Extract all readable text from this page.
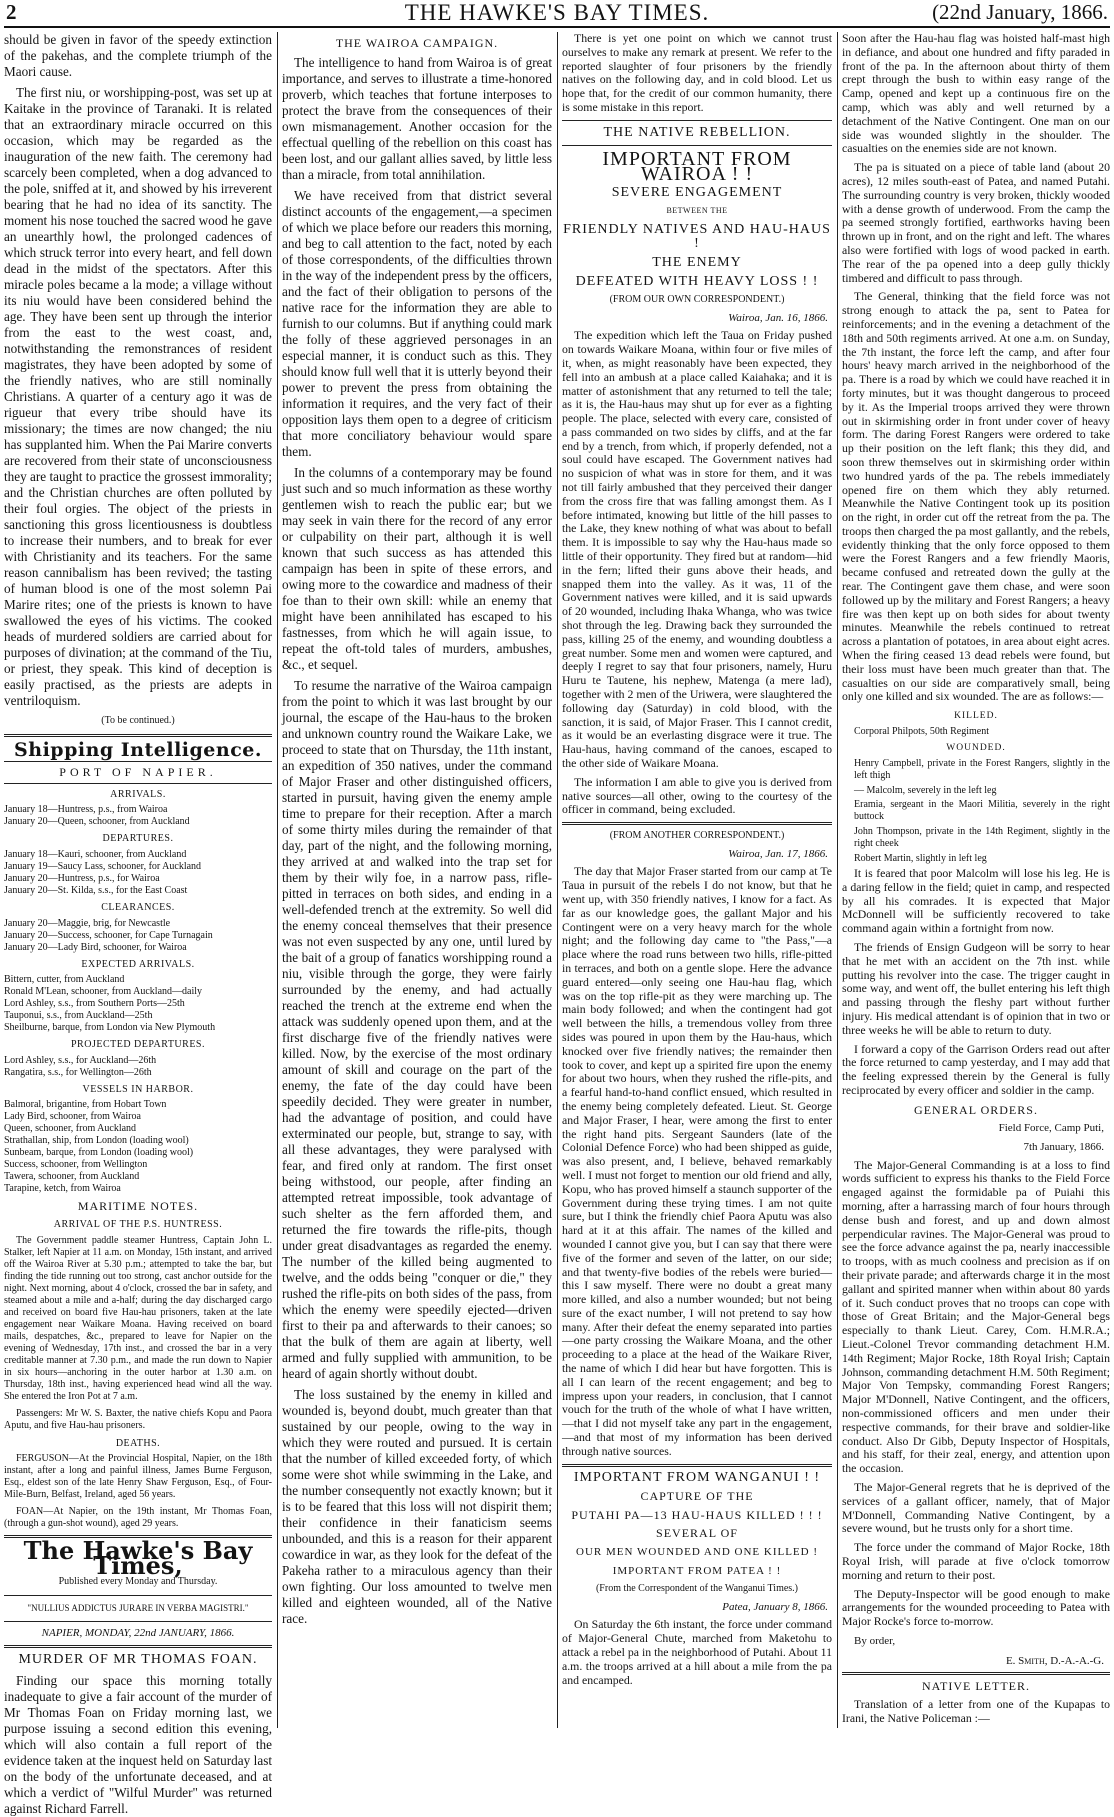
2	THE HAWKE'S BAY TIMES.	(22nd January, 1866.

should be given in favor of the speedy extinction of the pakehas, and the complete triumph of the Maori cause.

The first niu, or worshipping-post, was set up at Kaitake in the province of Taranaki. It is related that an extraordinary miracle occurred on this occasion, which may be regarded as the inauguration of the new faith. The ceremony had scarcely been completed, when a dog advanced to the pole, sniffed at it, and showed by his irreverent bearing that he had no idea of its sanctity. The moment his nose touched the sacred wood he gave an unearthly howl, the prolonged cadences of which struck terror into every heart, and fell down dead in the midst of the spectators. After this miracle poles became a la mode; a village without its niu would have been considered behind the age. They have been sent up through the interior from the east to the west coast, and, notwithstanding the remonstrances of resident magistrates, they have been adopted by some of the friendly natives, who are still nominally Christians. A quarter of a century ago it was de rigueur that every tribe should have its missionary; the times are now changed; the niu has supplanted him. When the Pai Marire converts are recovered from their state of unconsciousness they are taught to practice the grossest immorality; and the Christian churches are often polluted by their foul orgies. The object of the priests in sanctioning this gross licentiousness is doubtless to increase their numbers, and to break for ever with Christianity and its teachers. For the same reason cannibalism has been revived; the tasting of human blood is one of the most solemn Pai Marire rites; one of the priests is known to have swallowed the eyes of his victims. The cooked heads of murdered soldiers are carried about for purposes of divination; at the command of the Tiu, or priest, they speak. This kind of deception is easily practised, as the priests are adepts in ventriloquism.

(To be continued.)

Shipping Intelligence.
PORT OF NAPIER.
ARRIVALS.
January 18—Huntress, p.s., from Wairoa
January 20—Queen, schooner, from Auckland
DEPARTURES.
January 18—Kauri, schooner, from Auckland
January 19—Saucy Lass, schooner, for Auckland
January 20—Huntress, p.s., for Wairoa
January 20—St. Kilda, s.s., for the East Coast
CLEARANCES.
January 20—Maggie, brig, for Newcastle
January 20—Success, schooner, for Cape Turnagain
January 20—Lady Bird, schooner, for Wairoa
EXPECTED ARRIVALS.
Bittern, cutter, from Auckland
Ronald M'Lean, schooner, from Auckland—daily
Lord Ashley, s.s., from Southern Ports—25th
Tauponui, s.s., from Auckland—25th
Sheilburne, barque, from London via New Plymouth
PROJECTED DEPARTURES.
Lord Ashley, s.s., for Auckland—26th
Rangatira, s.s., for Wellington—26th
VESSELS IN HARBOR.
Balmoral, brigantine, from Hobart Town
Lady Bird, schooner, from Wairoa
Queen, schooner, from Auckland
Strathallan, ship, from London (loading wool)
Sunbeam, barque, from London (loading wool)
Success, schooner, from Wellington
Tawera, schooner, from Auckland
Tarapine, ketch, from Wairoa
MARITIME NOTES.
ARRIVAL OF THE P.S. HUNTRESS.

The Government paddle steamer Huntress, Captain John L. Stalker, left Napier at 11 a.m. on Monday, 15th instant, and arrived off the Wairoa River at 5.30 p.m.; attempted to take the bar, but finding the tide running out too strong, cast anchor outside for the night. Next morning, about 4 o'clock, crossed the bar in safety, and steamed about a mile and a-half; during the day discharged cargo and received on board five Hau-hau prisoners, taken at the late engagement near Waikare Moana. Having received on board mails, despatches, &c., prepared to leave for Napier on the evening of Wednesday, 17th inst., and crossed the bar in a very creditable manner at 7.30 p.m., and made the run down to Napier in six hours—anchoring in the outer harbor at 1.30 a.m. on Thursday, 18th inst., having experienced head wind all the way. She entered the Iron Pot at 7 a.m.

Passengers: Mr W. S. Baxter, the native chiefs Kopu and Paora Aputu, and five Hau-hau prisoners.

DEATHS.

FERGUSON—At the Provincial Hospital, Napier, on the 18th instant, after a long and painful illness, James Burne Ferguson, Esq., eldest son of the late Henry Shaw Ferguson, Esq., of Four-Mile-Burn, Belfast, Ireland, aged 56 years.

FOAN—At Napier, on the 19th instant, Mr Thomas Foan, (through a gun-shot wound), aged 29 years.

The Hawke's Bay Times,

Published every Monday and Thursday.

"NULLIUS ADDICTUS JURARE IN VERBA MAGISTRI."

NAPIER, MONDAY, 22nd JANUARY, 1866.

MURDER OF MR THOMAS FOAN.

Finding our space this morning totally inadequate to give a fair account of the murder of Mr Thomas Foan on Friday morning last, we purpose issuing a second edition this evening, which will also contain a full report of the evidence taken at the inquest held on Saturday last on the body of the unfortunate deceased, and at which a verdict of "Wilful Murder" was returned against Richard Farrell.

THE WAIROA CAMPAIGN.

The intelligence to hand from Wairoa is of great importance, and serves to illustrate a time-honored proverb, which teaches that fortune interposes to protect the brave from the consequences of their own mismanagement. Another occasion for the effectual quelling of the rebellion on this coast has been lost, and our gallant allies saved, by little less than a miracle, from total annihilation.

We have received from that district several distinct accounts of the engagement,—a specimen of which we place before our readers this morning, and beg to call attention to the fact, noted by each of those correspondents, of the difficulties thrown in the way of the independent press by the officers, and the fact of their obligation to persons of the native race for the information they are able to furnish to our columns. But if anything could mark the folly of these aggrieved personages in an especial manner, it is conduct such as this. They should know full well that it is utterly beyond their power to prevent the press from obtaining the information it requires, and the very fact of their opposition lays them open to a degree of criticism that more conciliatory behaviour would spare them.

In the columns of a contemporary may be found just such and so much information as these worthy gentlemen wish to reach the public ear; but we may seek in vain there for the record of any error or culpability on their part, although it is well known that such success as has attended this campaign has been in spite of these errors, and owing more to the cowardice and madness of their foe than to their own skill: while an enemy that might have been annihilated has escaped to his fastnesses, from which he will again issue, to repeat the oft-told tales of murders, ambushes, &c., et sequel.

To resume the narrative of the Wairoa campaign from the point to which it was last brought by our journal, the escape of the Hau-haus to the broken and unknown country round the Waikare Lake, we proceed to state that on Thursday, the 11th instant, an expedition of 350 natives, under the command of Major Fraser and other distinguished officers, started in pursuit, having given the enemy ample time to prepare for their reception. After a march of some thirty miles during the remainder of that day, part of the night, and the following morning, they arrived at and walked into the trap set for them by their wily foe, in a narrow pass, rifle-pitted in terraces on both sides, and ending in a well-defended trench at the extremity. So well did the enemy conceal themselves that their presence was not even suspected by any one, until lured by the bait of a group of fanatics worshipping round a niu, visible through the gorge, they were fairly surrounded by the enemy, and had actually reached the trench at the extreme end when the attack was suddenly opened upon them, and at the first discharge five of the friendly natives were killed. Now, by the exercise of the most ordinary amount of skill and courage on the part of the enemy, the fate of the day could have been speedily decided. They were greater in number, had the advantage of position, and could have exterminated our people, but, strange to say, with all these advantages, they were paralysed with fear, and fired only at random. The first onset being withstood, our people, after finding an attempted retreat impossible, took advantage of such shelter as the fern afforded them, and returned the fire towards the rifle-pits, though under great disadvantages as regarded the enemy. The number of the killed being augmented to twelve, and the odds being "conquer or die," they rushed the rifle-pits on both sides of the pass, from which the enemy were speedily ejected—driven first to their pa and afterwards to their canoes; so that the bulk of them are again at liberty, well armed and fully supplied with ammunition, to be heard of again shortly without doubt.

The loss sustained by the enemy in killed and wounded is, beyond doubt, much greater than that sustained by our people, owing to the way in which they were routed and pursued. It is certain that the number of killed exceeded forty, of which some were shot while swimming in the Lake, and the number consequently not exactly known; but it is to be feared that this loss will not dispirit them; their confidence in their fanaticism seems unbounded, and this is a reason for their apparent cowardice in war, as they look for the defeat of the Pakeha rather to a miraculous agency than their own fighting. Our loss amounted to twelve men killed and eighteen wounded, all of the Native race.

There is yet one point on which we cannot trust ourselves to make any remark at present. We refer to the reported slaughter of four prisoners by the friendly natives on the following day, and in cold blood. Let us hope that, for the credit of our common humanity, there is some mistake in this report.

THE NATIVE REBELLION.
IMPORTANT FROM WAIROA ! !
SEVERE ENGAGEMENT
BETWEEN THE
FRIENDLY NATIVES AND HAU-HAUS !
THE ENEMY
DEFEATED WITH HEAVY LOSS ! !

(FROM OUR OWN CORRESPONDENT.)

Wairoa, Jan. 16, 1866.

The expedition which left the Taua on Friday pushed on towards Waikare Moana, within four or five miles of it, when, as might reasonably have been expected, they fell into an ambush at a place called Kaiahaka; and it is matter of astonishment that any returned to tell the tale; as it is, the Hau-haus may shut up for ever as a fighting people. The place, selected with every care, consisted of a pass commanded on two sides by cliffs, and at the far end by a trench, from which, if properly defended, not a soul could have escaped. The Government natives had no suspicion of what was in store for them, and it was not till fairly ambushed that they perceived their danger from the cross fire that was falling amongst them. As I before intimated, knowing but little of the hill passes to the Lake, they knew nothing of what was about to befall them. It is impossible to say why the Hau-haus made so little of their opportunity. They fired but at random—hid in the fern; lifted their guns above their heads, and snapped them into the valley. As it was, 11 of the Government natives were killed, and it is said upwards of 20 wounded, including Ihaka Whanga, who was twice shot through the leg. Drawing back they surrounded the pass, killing 25 of the enemy, and wounding doubtless a great number. Some men and women were captured, and deeply I regret to say that four prisoners, namely, Huru Huru te Tautene, his nephew, Matenga (a mere lad), together with 2 men of the Uriwera, were slaughtered the following day (Saturday) in cold blood, with the sanction, it is said, of Major Fraser. This I cannot credit, as it would be an everlasting disgrace were it true. The Hau-haus, having command of the canoes, escaped to the other side of Waikare Moana.

The information I am able to give you is derived from native sources—all other, owing to the courtesy of the officer in command, being excluded.

(FROM ANOTHER CORRESPONDENT.)

Wairoa, Jan. 17, 1866.

The day that Major Fraser started from our camp at Te Taua in pursuit of the rebels I do not know, but that he went up, with 350 friendly natives, I know for a fact. As far as our knowledge goes, the gallant Major and his Contingent were on a very heavy march for the whole night; and the following day came to "the Pass,"—a place where the road runs between two hills, rifle-pitted in terraces, and both on a gentle slope. Here the advance guard entered—only seeing one Hau-hau flag, which was on the top rifle-pit as they were marching up. The main body followed; and when the contingent had got well between the hills, a tremendous volley from three sides was poured in upon them by the Hau-haus, which knocked over five friendly natives; the remainder then took to cover, and kept up a spirited fire upon the enemy for about two hours, when they rushed the rifle-pits, and a fearful hand-to-hand conflict ensued, which resulted in the enemy being completely defeated. Lieut. St. George and Major Fraser, I hear, were among the first to enter the right hand pits. Sergeant Saunders (late of the Colonial Defence Force) who had been shipped as guide, was also present, and, I believe, behaved remarkably well. I must not forget to mention our old friend and ally, Kopu, who has proved himself a staunch supporter of the Government during these trying times. I am not quite sure, but I think the friendly chief Paora Aputu was also hard at it at this affair. The names of the killed and wounded I cannot give you, but I can say that there were five of the former and seven of the latter, on our side; and that twenty-five bodies of the rebels were buried—this I saw myself. There were no doubt a great many more killed, and also a number wounded; but not being sure of the exact number, I will not pretend to say how many. After their defeat the enemy separated into parties—one party crossing the Waikare Moana, and the other proceeding to a place at the head of the Waikare River, the name of which I did hear but have forgotten. This is all I can learn of the recent engagement; and beg to impress upon your readers, in conclusion, that I cannot vouch for the truth of the whole of what I have written,—that I did not myself take any part in the engagement,—and that most of my information has been derived through native sources.

IMPORTANT FROM WANGANUI ! !
CAPTURE OF THE
PUTAHI PA—13 HAU-HAUS KILLED ! ! !
SEVERAL OF
OUR MEN WOUNDED AND ONE KILLED !
IMPORTANT FROM PATEA ! !

(From the Correspondent of the Wanganui Times.)

Patea, January 8, 1866.

On Saturday the 6th instant, the force under command of Major-General Chute, marched from Maketohu to attack a rebel pa in the neighborhood of Putahi. About 11 a.m. the troops arrived at a hill about a mile from the pa and encamped.

Soon after the Hau-hau flag was hoisted half-mast high in defiance, and about one hundred and fifty paraded in front of the pa. In the afternoon about thirty of them crept through the bush to within easy range of the Camp, opened and kept up a continuous fire on the camp, which was ably and well returned by a detachment of the Native Contingent. One man on our side was wounded slightly in the shoulder. The casualties on the enemies side are not known.

The pa is situated on a piece of table land (about 20 acres), 12 miles south-east of Patea, and named Putahi. The surrounding country is very broken, thickly wooded with a dense growth of underwood. From the camp the pa seemed strongly fortified, earthworks having been thrown up in front, and on the right and left. The whares also were fortified with logs of wood packed in earth. The rear of the pa opened into a deep gully thickly timbered and difficult to pass through.

The General, thinking that the field force was not strong enough to attack the pa, sent to Patea for reinforcements; and in the evening a detachment of the 18th and 50th regiments arrived. At one a.m. on Sunday, the 7th instant, the force left the camp, and after four hours' heavy march arrived in the neighborhood of the pa. There is a road by which we could have reached it in forty minutes, but it was thought dangerous to proceed by it. As the Imperial troops arrived they were thrown out in skirmishing order in front under cover of heavy form. The daring Forest Rangers were ordered to take up their position on the left flank; this they did, and soon threw themselves out in skirmishing order within two hundred yards of the pa. The rebels immediately opened fire on them which they ably returned. Meanwhile the Native Contingent took up its position on the right, in order cut off the retreat from the pa. The troops then charged the pa most gallantly, and the rebels, evidently thinking that the only force opposed to them were the Forest Rangers and a few friendly Maoris, became confused and retreated down the gully at the rear. The Contingent gave them chase, and were soon followed up by the military and Forest Rangers; a heavy fire was then kept up on both sides for about twenty minutes. Meanwhile the rebels continued to retreat across a plantation of potatoes, in area about eight acres. When the firing ceased 13 dead rebels were found, but their loss must have been much greater than that. The casualties on our side are comparatively small, being only one killed and six wounded. The are as follows:—

KILLED.

Corporal Philpots, 50th Regiment

WOUNDED.

Henry Campbell, private in the Forest Rangers, slightly in the left thigh

— Malcolm, severely in the left leg

Eramia, sergeant in the Maori Militia, severely in the right buttock

John Thompson, private in the 14th Regiment, slightly in the right cheek

Robert Martin, slightly in left leg

It is feared that poor Malcolm will lose his leg. He is a daring fellow in the field; quiet in camp, and respected by all his comrades. It is expected that Major McDonnell will be sufficiently recovered to take command again within a fortnight from now.

The friends of Ensign Gudgeon will be sorry to hear that he met with an accident on the 7th inst. while putting his revolver into the case. The trigger caught in some way, and went off, the bullet entering his left thigh and passing through the fleshy part without further injury. His medical attendant is of opinion that in two or three weeks he will be able to return to duty.

I forward a copy of the Garrison Orders read out after the force returned to camp yesterday, and I may add that the feeling expressed therein by the General is fully reciprocated by every officer and soldier in the camp.

GENERAL ORDERS.

Field Force, Camp Puti,

7th January, 1866.

The Major-General Commanding is at a loss to find words sufficient to express his thanks to the Field Force engaged against the formidable pa of Puiahi this morning, after a harrassing march of four hours through dense bush and forest, and up and down almost perpendicular ravines. The Major-General was proud to see the force advance against the pa, nearly inaccessible to troops, with as much coolness and precision as if on their private parade; and afterwards charge it in the most gallant and spirited manner when within about 80 yards of it. Such conduct proves that no troops can cope with those of Great Britain; and the Major-General begs especially to thank Lieut. Carey, Com. H.M.R.A.; Lieut.-Colonel Trevor commanding detachment H.M. 14th Regiment; Major Rocke, 18th Royal Irish; Captain Johnson, commanding detachment H.M. 50th Regiment; Major Von Tempsky, commanding Forest Rangers; Major M'Donnell, Native Contingent, and the officers, non-commissioned officers and men under their respective commands, for their brave and soldier-like conduct. Also Dr Gibb, Deputy Inspector of Hospitals, and his staff, for their zeal, energy, and attention upon the occasion.

The Major-General regrets that he is deprived of the services of a gallant officer, namely, that of Major M'Donnell, Commanding Native Contingent, by a severe wound, but he trusts only for a short time.

The force under the command of Major Rocke, 18th Royal Irish, will parade at five o'clock tomorrow morning and return to their post.

The Deputy-Inspector will be good enough to make arrangements for the wounded proceeding to Patea with Major Rocke's force to-morrow.

By order,

E. Smith, D.-A.-A.-G.

NATIVE LETTER.

Translation of a letter from one of the Kupapas to Irani, the Native Policeman :—
